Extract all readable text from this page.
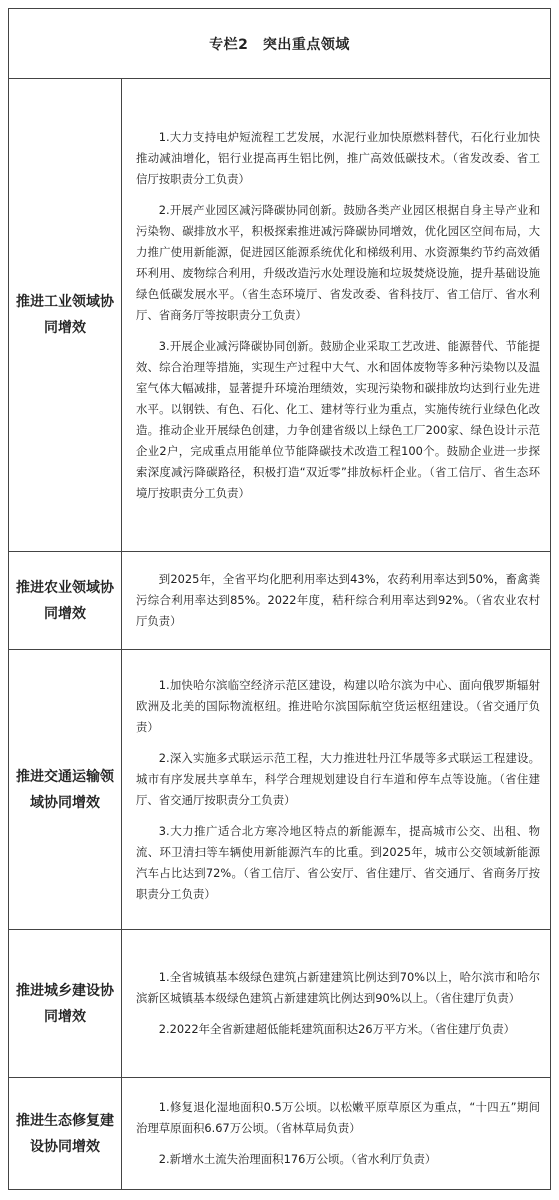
专栏2　突出重点领域	
推进工业领域协同增效	1.大力支持电炉短流程工艺发展，水泥行业加快原燃料替代，石化行业加快推动减油增化，铝行业提高再生铝比例，推广高效低碳技术。（省发改委、省工信厅按职责分工负责）

2.开展产业园区减污降碳协同创新。鼓励各类产业园区根据自身主导产业和污染物、碳排放水平，积极探索推进减污降碳协同增效，优化园区空间布局，大力推广使用新能源，促进园区能源系统优化和梯级利用、水资源集约节约高效循环利用、废物综合利用，升级改造污水处理设施和垃圾焚烧设施，提升基础设施绿色低碳发展水平。（省生态环境厅、省发改委、省科技厅、省工信厅、省水利厅、省商务厅等按职责分工负责）

3.开展企业减污降碳协同创新。鼓励企业采取工艺改进、能源替代、节能提效、综合治理等措施，实现生产过程中大气、水和固体废物等多种污染物以及温室气体大幅减排，显著提升环境治理绩效，实现污染物和碳排放均达到行业先进水平。以钢铁、有色、石化、化工、建材等行业为重点，实施传统行业绿色化改造。推动企业开展绿色创建，力争创建省级以上绿色工厂200家、绿色设计示范企业2户，完成重点用能单位节能降碳技术改造工程100个。鼓励企业进一步探索深度减污降碳路径，积极打造“双近零”排放标杆企业。（省工信厅、省生态环境厅按职责分工负责）

推进农业领域协同增效	到2025年，全省平均化肥利用率达到43%，农药利用率达到50%，畜禽粪污综合利用率达到85%。2022年度，秸秆综合利用率达到92%。（省农业农村厅负责）

推进交通运输领域协同增效	1.加快哈尔滨临空经济示范区建设，构建以哈尔滨为中心、面向俄罗斯辐射欧洲及北美的国际物流枢纽。推进哈尔滨国际航空货运枢纽建设。（省交通厅负责）

2.深入实施多式联运示范工程，大力推进牡丹江华晟等多式联运工程建设。城市有序发展共享单车，科学合理规划建设自行车道和停车点等设施。（省住建厅、省交通厅按职责分工负责）

3.大力推广适合北方寒冷地区特点的新能源车，提高城市公交、出租、物流、环卫清扫等车辆使用新能源汽车的比重。到2025年，城市公交领域新能源汽车占比达到72%。（省工信厅、省公安厅、省住建厅、省交通厅、省商务厅按职责分工负责）

推进城乡建设协同增效	1.全省城镇基本级绿色建筑占新建建筑比例达到70%以上，哈尔滨市和哈尔滨新区城镇基本级绿色建筑占新建建筑比例达到90%以上。（省住建厅负责）

2.2022年全省新建超低能耗建筑面积达26万平方米。（省住建厅负责）

推进生态修复建设协同增效	1.修复退化湿地面积0.5万公顷。以松嫩平原草原区为重点，“十四五”期间治理草原面积6.67万公顷。（省林草局负责）

2.新增水土流失治理面积176万公顷。（省水利厅负责）
